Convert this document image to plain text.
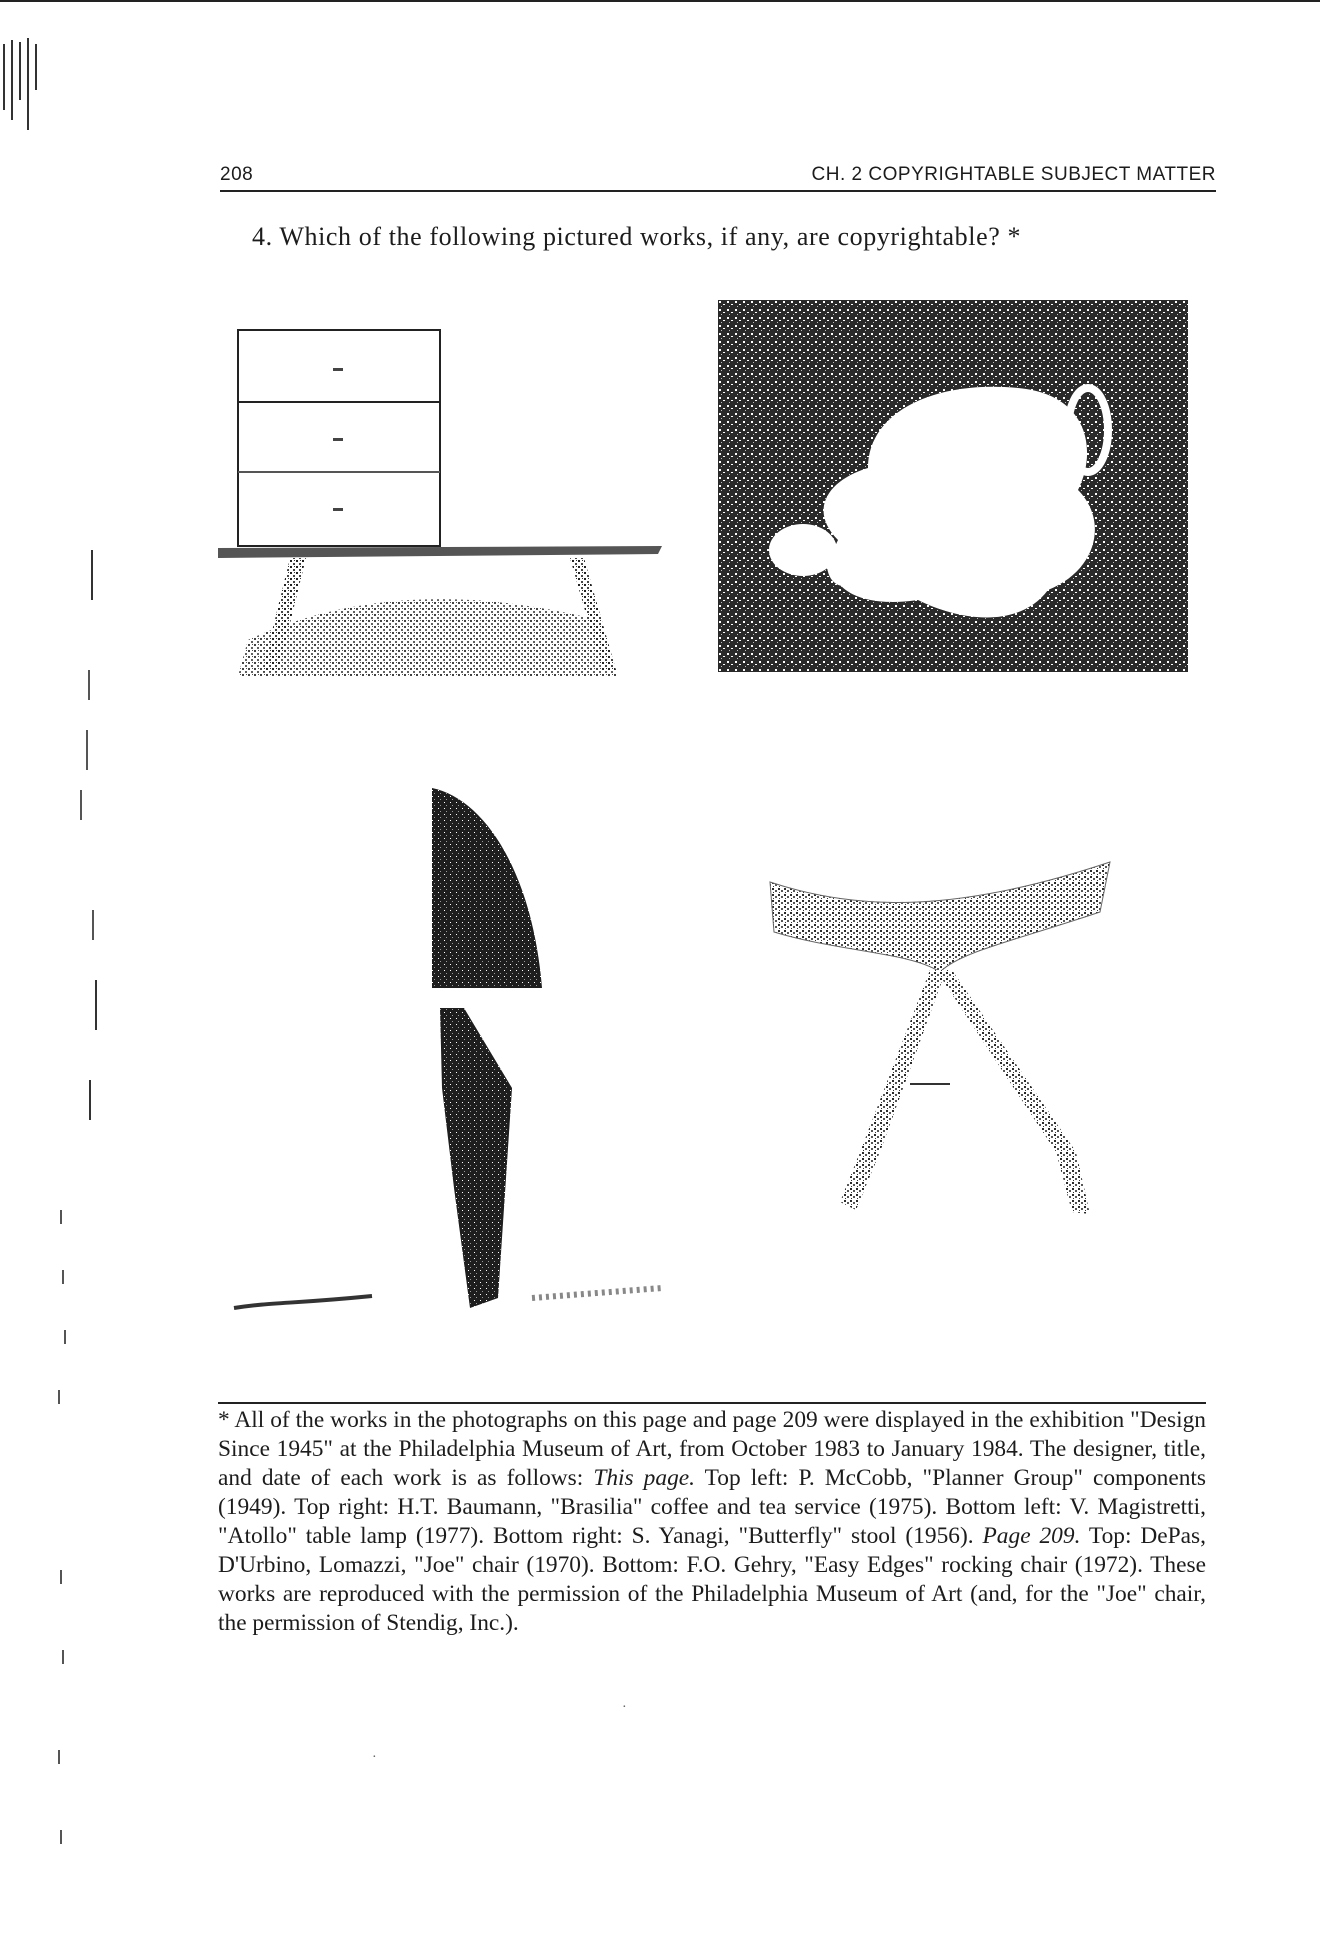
208	CH. 2 COPYRIGHTABLE SUBJECT MATTER
4. Which of the following pictured works, if any, are copyrightable? *

* All of the works in the photographs on this page and page 209 were displayed in the exhibition "Design Since 1945" at the Philadelphia Museum of Art, from October 1983 to January 1984. The designer, title, and date of each work is as follows: This page. Top left: P. McCobb, "Planner Group" components (1949). Top right: H.T. Baumann, "Brasilia" coffee and tea service (1975). Bottom left: V. Magistretti, "Atollo" table lamp (1977). Bottom right: S. Yanagi, "Butterfly" stool (1956). Page 209. Top: DePas, D'Urbino, Lomazzi, "Joe" chair (1970). Bottom: F.O. Gehry, "Easy Edges" rocking chair (1972). These works are reproduced with the permission of the Philadelphia Museum of Art (and, for the "Joe" chair, the permission of Stendig, Inc.).

·
·
